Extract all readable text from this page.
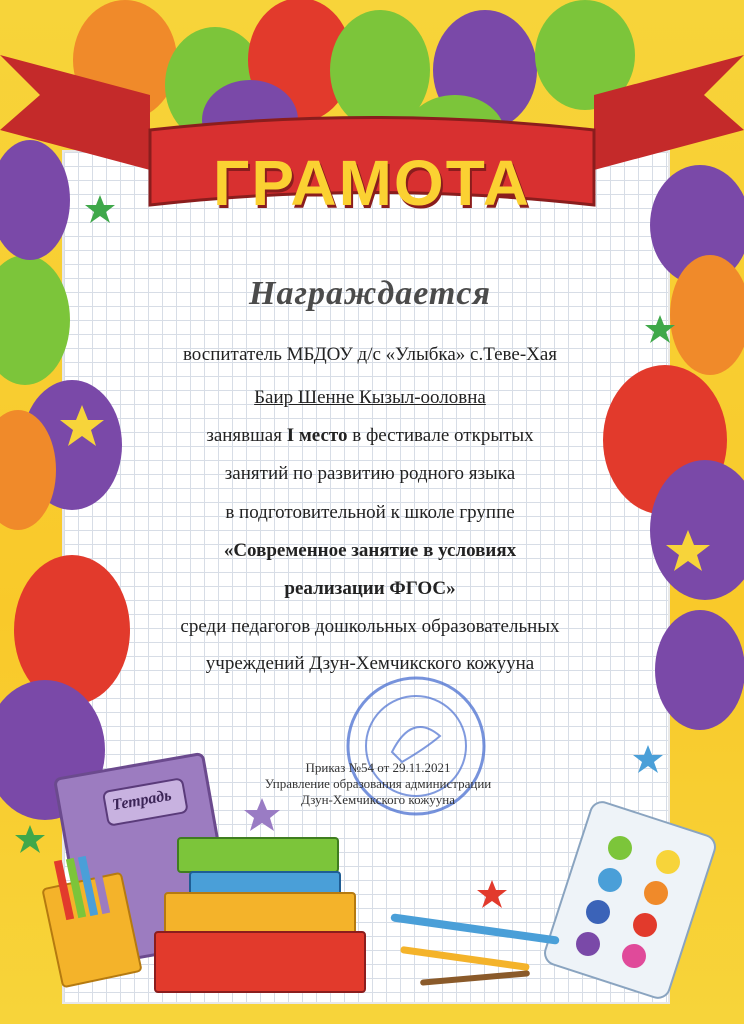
ГРАМОТА
Награждается
воспитатель МБДОУ д/с «Улыбка» с.Теве-Хая
Баир Шенне Кызыл-ооловна
занявшая I место в фестивале открытых
занятий по развитию родного языка
в подготовительной к школе группе
«Современное занятие в условиях
реализации ФГОС»
среди педагогов дошкольных образовательных
учреждений Дзун-Хемчикского кожууна
Приказ №54 от 29.11.2021
Управление образования администрации
Дзун-Хемчикского кожууна
Тетрадь
